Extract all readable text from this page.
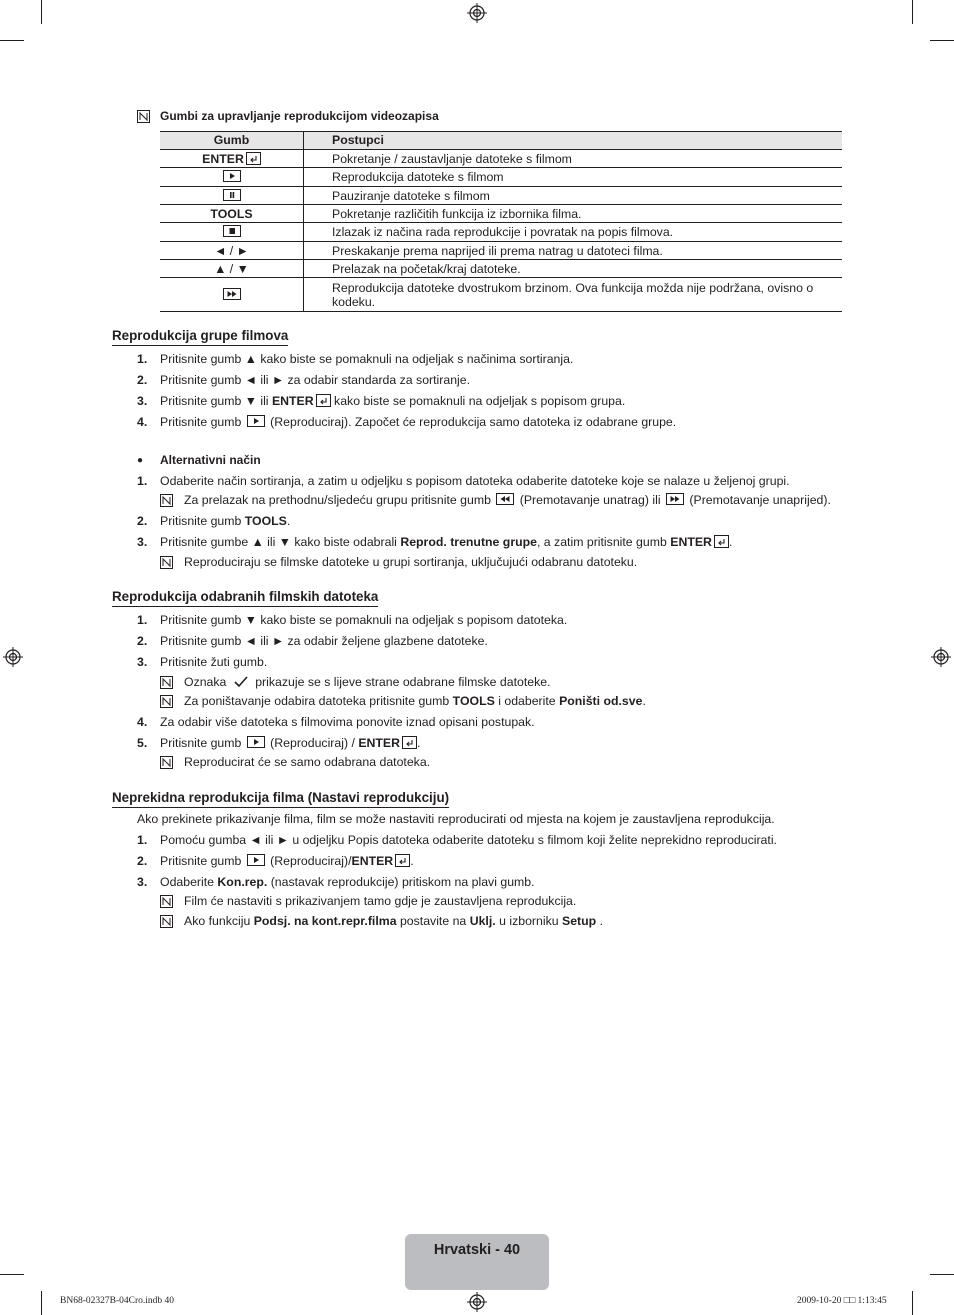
Gumbi za upravljanje reprodukcijom videozapisa
Gumb	Postupci
ENTER	Pokretanje / zaustavljanje datoteke s filmom

	Reprodukcija datoteke s filmom

	Pauziranje datoteke s filmom
TOOLS	Pokretanje različitih funkcija iz izbornika filma.

	Izlazak iz načina rada reprodukcije i povratak na popis filmova.
◄ / ►	Preskakanje prema naprijed ili prema natrag u datoteci filma.
▲ / ▼	Prelazak na početak/kraj datoteke.

	Reprodukcija datoteke dvostrukom brzinom. Ova funkcija možda nije podržana, ovisno o kodeku.
Reprodukcija grupe filmova
1. Pritisnite gumb ▲ kako biste se pomaknuli na odjeljak s načinima sortiranja.
2. Pritisnite gumb ◄ ili ► za odabir standarda za sortiranje.
3. Pritisnite gumb ▼ ili ENTER kako biste se pomaknuli na odjeljak s popisom grupa.
4. Pritisnite gumb
(Reproduciraj). Započet će reprodukcija samo datoteka iz odabrane grupe.
● Alternativni način
1. Odaberite način sortiranja, a zatim u odjeljku s popisom datoteka odaberite datoteke koje se nalaze u željenoj grupi.
Za prelazak na prethodnu/sljedeću grupu pritisnite gumb
(Premotavanje unatrag) ili
(Premotavanje unaprijed).
2. Pritisnite gumb TOOLS.
3. Pritisnite gumbe ▲ ili ▼ kako biste odabrali Reprod. trenutne grupe, a zatim pritisnite gumb ENTER .
Reproduciraju se filmske datoteke u grupi sortiranja, uključujući odabranu datoteku.
Reprodukcija odabranih filmskih datoteka
1. Pritisnite gumb ▼ kako biste se pomaknuli na odjeljak s popisom datoteka.
2. Pritisnite gumb ◄ ili ► za odabir željene glazbene datoteke.
3. Pritisnite žuti gumb.
Oznaka  prikazuje se s lijeve strane odabrane filmske datoteke.
Za poništavanje odabira datoteka pritisnite gumb TOOLS i odaberite Poništi od.sve.
4. Za odabir više datoteka s filmovima ponovite iznad opisani postupak.
5. Pritisnite gumb
(Reproduciraj) / ENTER .
Reproducirat će se samo odabrana datoteka.
Neprekidna reprodukcija filma (Nastavi reprodukciju)
Ako prekinete prikazivanje filma, film se može nastaviti reproducirati od mjesta na kojem je zaustavljena reprodukcija.
1. Pomoću gumba ◄ ili ► u odjeljku Popis datoteka odaberite datoteku s filmom koji želite neprekidno reproducirati.
2. Pritisnite gumb
(Reproduciraj)/ENTER .
3. Odaberite Kon.rep. (nastavak reprodukcije) pritiskom na plavi gumb.
Film će nastaviti s prikazivanjem tamo gdje je zaustavljena reprodukcija.
Ako funkciju Podsj. na kont.repr.filma postavite na Uklj. u izborniku Setup .
Hrvatski - 40
BN68-02327B-04Cro.indb 40	2009-10-20 □□ 1:13:45
